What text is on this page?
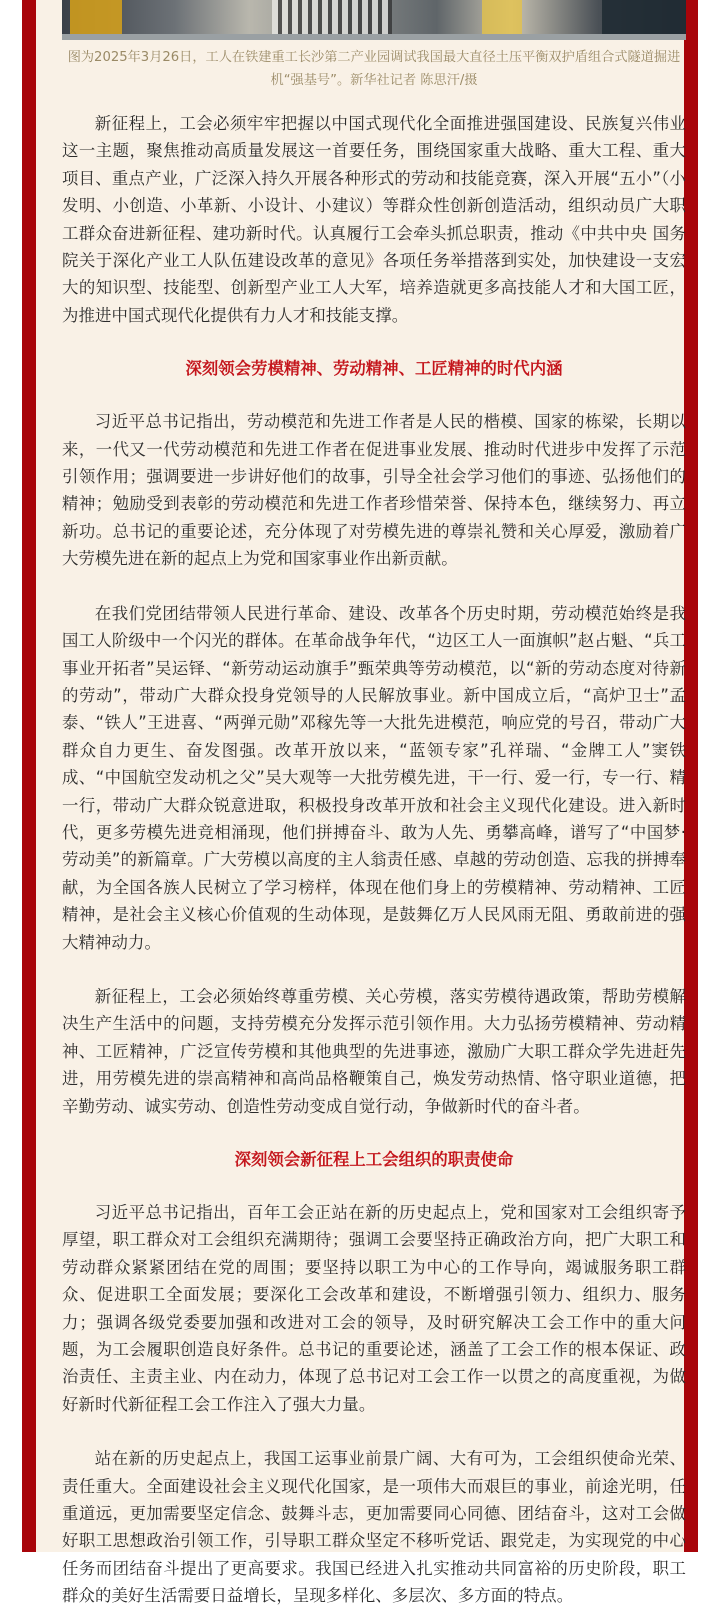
图为2025年3月26日，工人在铁建重工长沙第二产业园调试我国最大直径土压平衡双护盾组合式隧道掘进机“强基号”。新华社记者 陈思汗/摄

新征程上，工会必须牢牢把握以中国式现代化全面推进强国建设、民族复兴伟业这一主题，聚焦推动高质量发展这一首要任务，围绕国家重大战略、重大工程、重大项目、重点产业，广泛深入持久开展各种形式的劳动和技能竞赛，深入开展“五小”（小发明、小创造、小革新、小设计、小建议）等群众性创新创造活动，组织动员广大职工群众奋进新征程、建功新时代。认真履行工会牵头抓总职责，推动《中共中央 国务院关于深化产业工人队伍建设改革的意见》各项任务举措落到实处，加快建设一支宏大的知识型、技能型、创新型产业工人大军，培养造就更多高技能人才和大国工匠，为推进中国式现代化提供有力人才和技能支撑。

深刻领会劳模精神、劳动精神、工匠精神的时代内涵

习近平总书记指出，劳动模范和先进工作者是人民的楷模、国家的栋梁，长期以来，一代又一代劳动模范和先进工作者在促进事业发展、推动时代进步中发挥了示范引领作用；强调要进一步讲好他们的故事，引导全社会学习他们的事迹、弘扬他们的精神；勉励受到表彰的劳动模范和先进工作者珍惜荣誉、保持本色，继续努力、再立新功。总书记的重要论述，充分体现了对劳模先进的尊崇礼赞和关心厚爱，激励着广大劳模先进在新的起点上为党和国家事业作出新贡献。

在我们党团结带领人民进行革命、建设、改革各个历史时期，劳动模范始终是我国工人阶级中一个闪光的群体。在革命战争年代，“边区工人一面旗帜”赵占魁、“兵工事业开拓者”吴运铎、“新劳动运动旗手”甄荣典等劳动模范，以“新的劳动态度对待新的劳动”，带动广大群众投身党领导的人民解放事业。新中国成立后，“高炉卫士”孟泰、“铁人”王进喜、“两弹元勋”邓稼先等一大批先进模范，响应党的号召，带动广大群众自力更生、奋发图强。改革开放以来，“蓝领专家”孔祥瑞、“金牌工人”窦铁成、“中国航空发动机之父”吴大观等一大批劳模先进，干一行、爱一行，专一行、精一行，带动广大群众锐意进取，积极投身改革开放和社会主义现代化建设。进入新时代，更多劳模先进竞相涌现，他们拼搏奋斗、敢为人先、勇攀高峰，谱写了“中国梦·劳动美”的新篇章。广大劳模以高度的主人翁责任感、卓越的劳动创造、忘我的拼搏奉献，为全国各族人民树立了学习榜样，体现在他们身上的劳模精神、劳动精神、工匠精神，是社会主义核心价值观的生动体现，是鼓舞亿万人民风雨无阻、勇敢前进的强大精神动力。

新征程上，工会必须始终尊重劳模、关心劳模，落实劳模待遇政策，帮助劳模解决生产生活中的问题，支持劳模充分发挥示范引领作用。大力弘扬劳模精神、劳动精神、工匠精神，广泛宣传劳模和其他典型的先进事迹，激励广大职工群众学先进赶先进，用劳模先进的崇高精神和高尚品格鞭策自己，焕发劳动热情、恪守职业道德，把辛勤劳动、诚实劳动、创造性劳动变成自觉行动，争做新时代的奋斗者。

深刻领会新征程上工会组织的职责使命

习近平总书记指出，百年工会正站在新的历史起点上，党和国家对工会组织寄予厚望，职工群众对工会组织充满期待；强调工会要坚持正确政治方向，把广大职工和劳动群众紧紧团结在党的周围；要坚持以职工为中心的工作导向，竭诚服务职工群众、促进职工全面发展；要深化工会改革和建设，不断增强引领力、组织力、服务力；强调各级党委要加强和改进对工会的领导，及时研究解决工会工作中的重大问题，为工会履职创造良好条件。总书记的重要论述，涵盖了工会工作的根本保证、政治责任、主责主业、内在动力，体现了总书记对工会工作一以贯之的高度重视，为做好新时代新征程工会工作注入了强大力量。

站在新的历史起点上，我国工运事业前景广阔、大有可为，工会组织使命光荣、责任重大。全面建设社会主义现代化国家，是一项伟大而艰巨的事业，前途光明，任重道远，更加需要坚定信念、鼓舞斗志，更加需要同心同德、团结奋斗，这对工会做好职工思想政治引领工作，引导职工群众坚定不移听党话、跟党走，为实现党的中心任务而团结奋斗提出了更高要求。我国已经进入扎实推动共同富裕的历史阶段，职工群众的美好生活需要日益增长，呈现多样化、多层次、多方面的特点。
